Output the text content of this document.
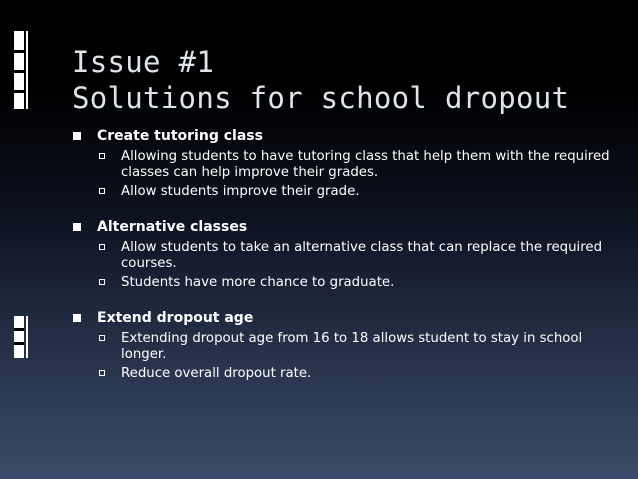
Issue #1
Solutions for school dropout
Create tutoring class
Allowing students to have tutoring class that help them with the required classes can help improve their grades.
Allow students improve their grade.
Alternative classes
Allow students to take an alternative class that can replace the required courses.
Students have more chance to graduate.
Extend dropout age
Extending dropout age from 16 to 18 allows student to stay in school longer.
Reduce overall dropout rate.
